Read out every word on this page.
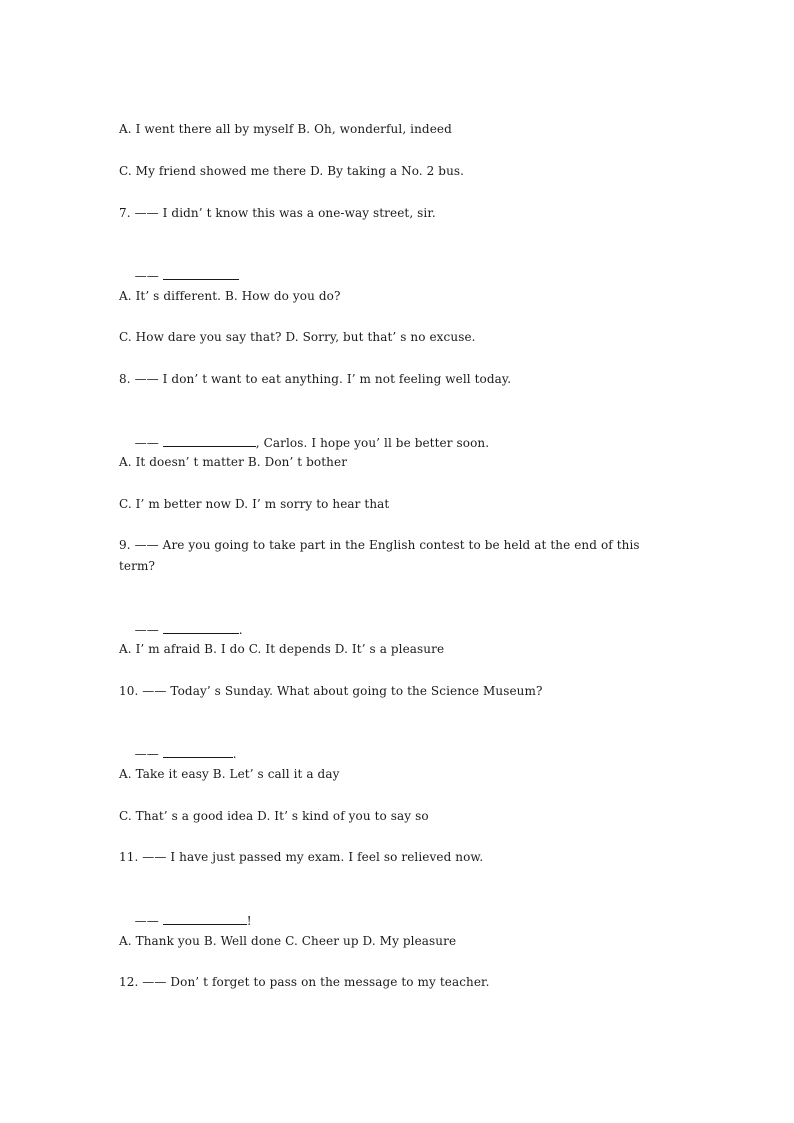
A. I went there all by myself B. Oh, wonderful, indeed
C. My friend showed me there D. By taking a No. 2 bus.
7. —— I didn’ t know this was a one-way street, sir.

——

A. It’ s different. B. How do you do?
C. How dare you say that? D. Sorry, but that’ s no excuse.
8. —— I don’ t want to eat anything. I’ m not feeling well today.

——	, Carlos. I hope you’ ll be better soon.

A. It doesn’ t matter B. Don’ t bother
C. I’ m better now D. I’ m sorry to hear that
9. —— Are you going to take part in the English contest to be held at the end of this term?

——	.

A. I’ m afraid B. I do C. It depends D. It’ s a pleasure
10. —— Today’ s Sunday. What about going to the Science Museum?

——	.

A. Take it easy B. Let’ s call it a day
C. That’ s a good idea D. It’ s kind of you to say so
11. —— I have just passed my exam. I feel so relieved now.

——	!

A. Thank you B. Well done C. Cheer up D. My pleasure
12. —— Don’ t forget to pass on the message to my teacher.
